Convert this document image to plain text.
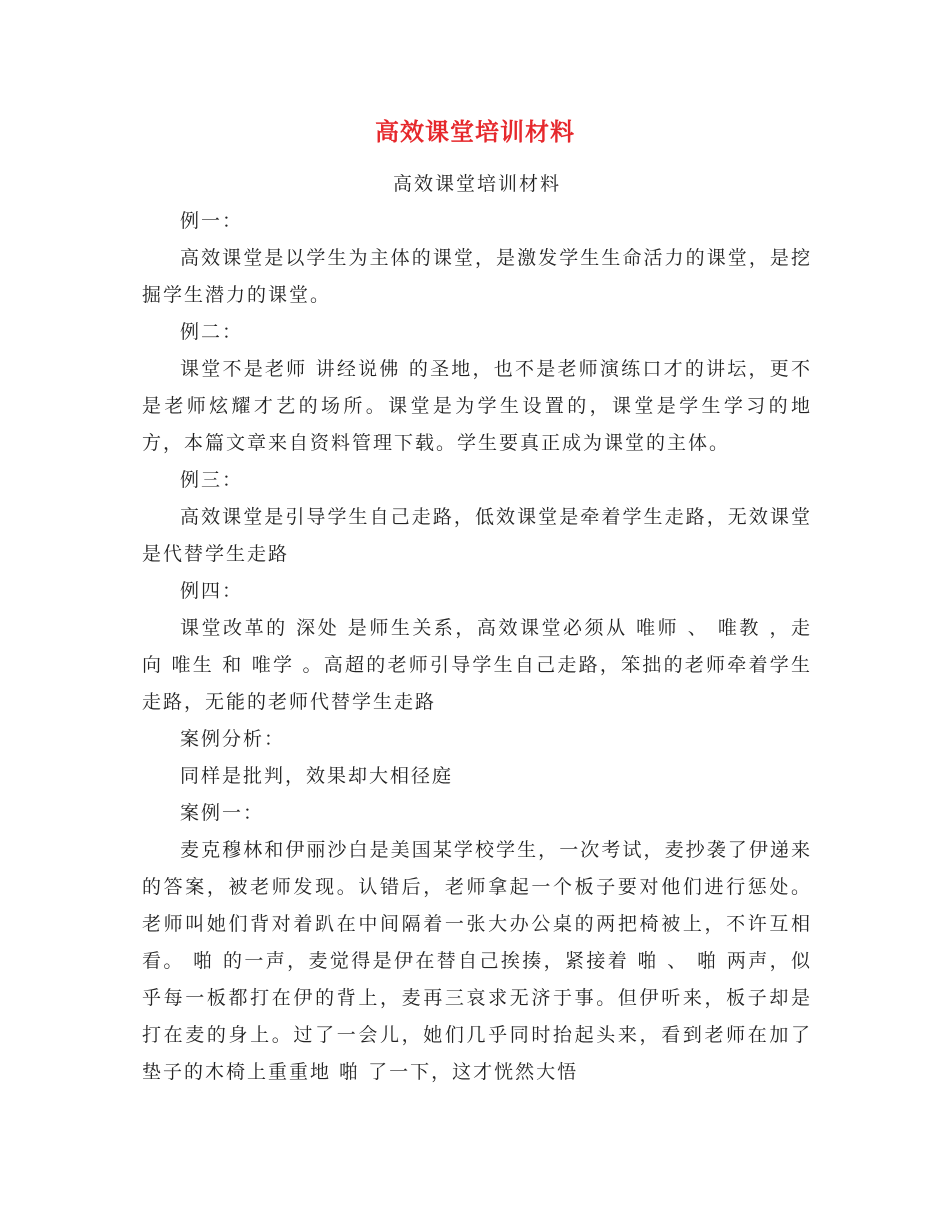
高效课堂培训材料

高效课堂培训材料

例一：

高效课堂是以学生为主体的课堂，是激发学生生命活力的课堂，是挖掘学生潜力的课堂。

例二：

课堂不是老师 讲经说佛 的圣地，也不是老师演练口才的讲坛，更不是老师炫耀才艺的场所。课堂是为学生设置的，课堂是学生学习的地方，本篇文章来自资料管理下载。学生要真正成为课堂的主体。

例三：

高效课堂是引导学生自己走路，低效课堂是牵着学生走路，无效课堂是代替学生走路

例四：

课堂改革的 深处 是师生关系，高效课堂必须从 唯师 、 唯教 ，走向 唯生 和 唯学 。高超的老师引导学生自己走路，笨拙的老师牵着学生走路，无能的老师代替学生走路

案例分析：

同样是批判，效果却大相径庭

案例一：

麦克穆林和伊丽沙白是美国某学校学生，一次考试，麦抄袭了伊递来的答案，被老师发现。认错后，老师拿起一个板子要对他们进行惩处。老师叫她们背对着趴在中间隔着一张大办公桌的两把椅被上，不许互相看。 啪 的一声，麦觉得是伊在替自己挨揍，紧接着 啪 、 啪 两声，似乎每一板都打在伊的背上，麦再三哀求无济于事。但伊听来，板子却是打在麦的身上。过了一会儿，她们几乎同时抬起头来，看到老师在加了垫子的木椅上重重地 啪 了一下，这才恍然大悟
